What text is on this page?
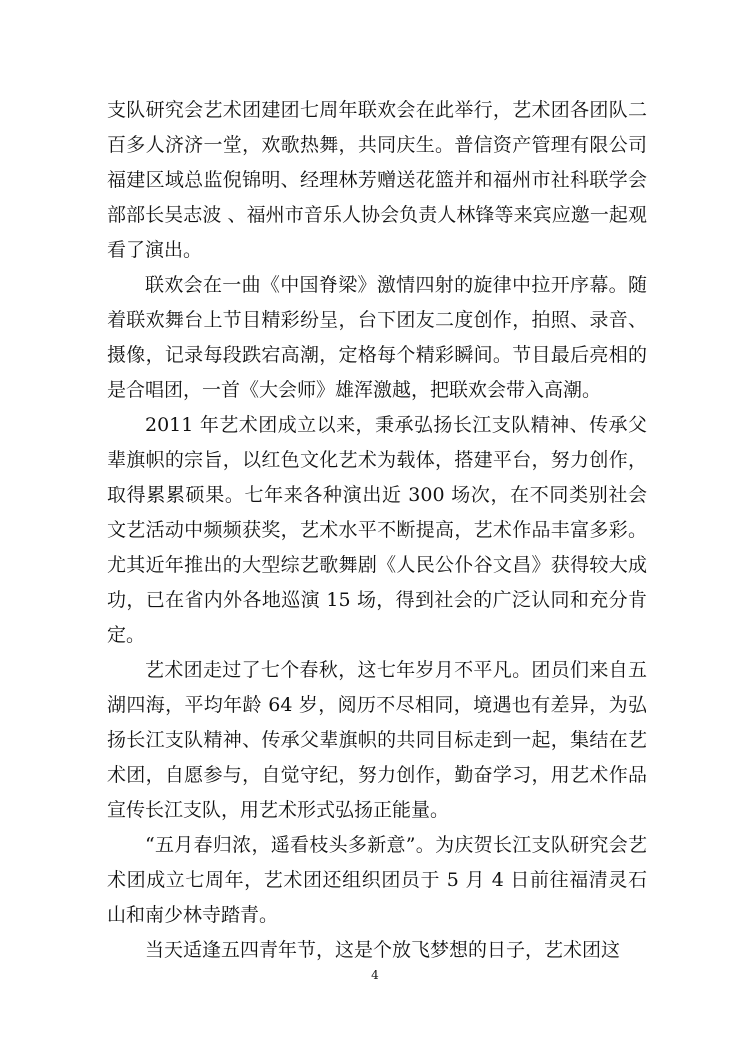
支队研究会艺术团建团七周年联欢会在此举行，艺术团各团队二百多人济济一堂，欢歌热舞，共同庆生。普信资产管理有限公司福建区域总监倪锦明、经理林芳赠送花篮并和福州市社科联学会部部长吴志波 、福州市音乐人协会负责人林锋等来宾应邀一起观看了演出。

联欢会在一曲《中国脊梁》激情四射的旋律中拉开序幕。随着联欢舞台上节目精彩纷呈，台下团友二度创作，拍照、录音、摄像，记录每段跌宕高潮，定格每个精彩瞬间。节目最后亮相的是合唱团，一首《大会师》雄浑激越，把联欢会带入高潮。

2011 年艺术团成立以来，秉承弘扬长江支队精神、传承父辈旗帜的宗旨，以红色文化艺术为载体，搭建平台，努力创作，取得累累硕果。七年来各种演出近 300 场次，在不同类别社会文艺活动中频频获奖，艺术水平不断提高，艺术作品丰富多彩。尤其近年推出的大型综艺歌舞剧《人民公仆谷文昌》获得较大成功，已在省内外各地巡演 15 场，得到社会的广泛认同和充分肯定。

艺术团走过了七个春秋，这七年岁月不平凡。团员们来自五湖四海，平均年龄 64 岁，阅历不尽相同，境遇也有差异，为弘扬长江支队精神、传承父辈旗帜的共同目标走到一起，集结在艺术团，自愿参与，自觉守纪，努力创作，勤奋学习，用艺术作品宣传长江支队，用艺术形式弘扬正能量。

“五月春归浓，遥看枝头多新意”。为庆贺长江支队研究会艺术团成立七周年，艺术团还组织团员于 5 月 4 日前往福清灵石山和南少林寺踏青。

当天适逢五四青年节，这是个放飞梦想的日子，艺术团这

4
